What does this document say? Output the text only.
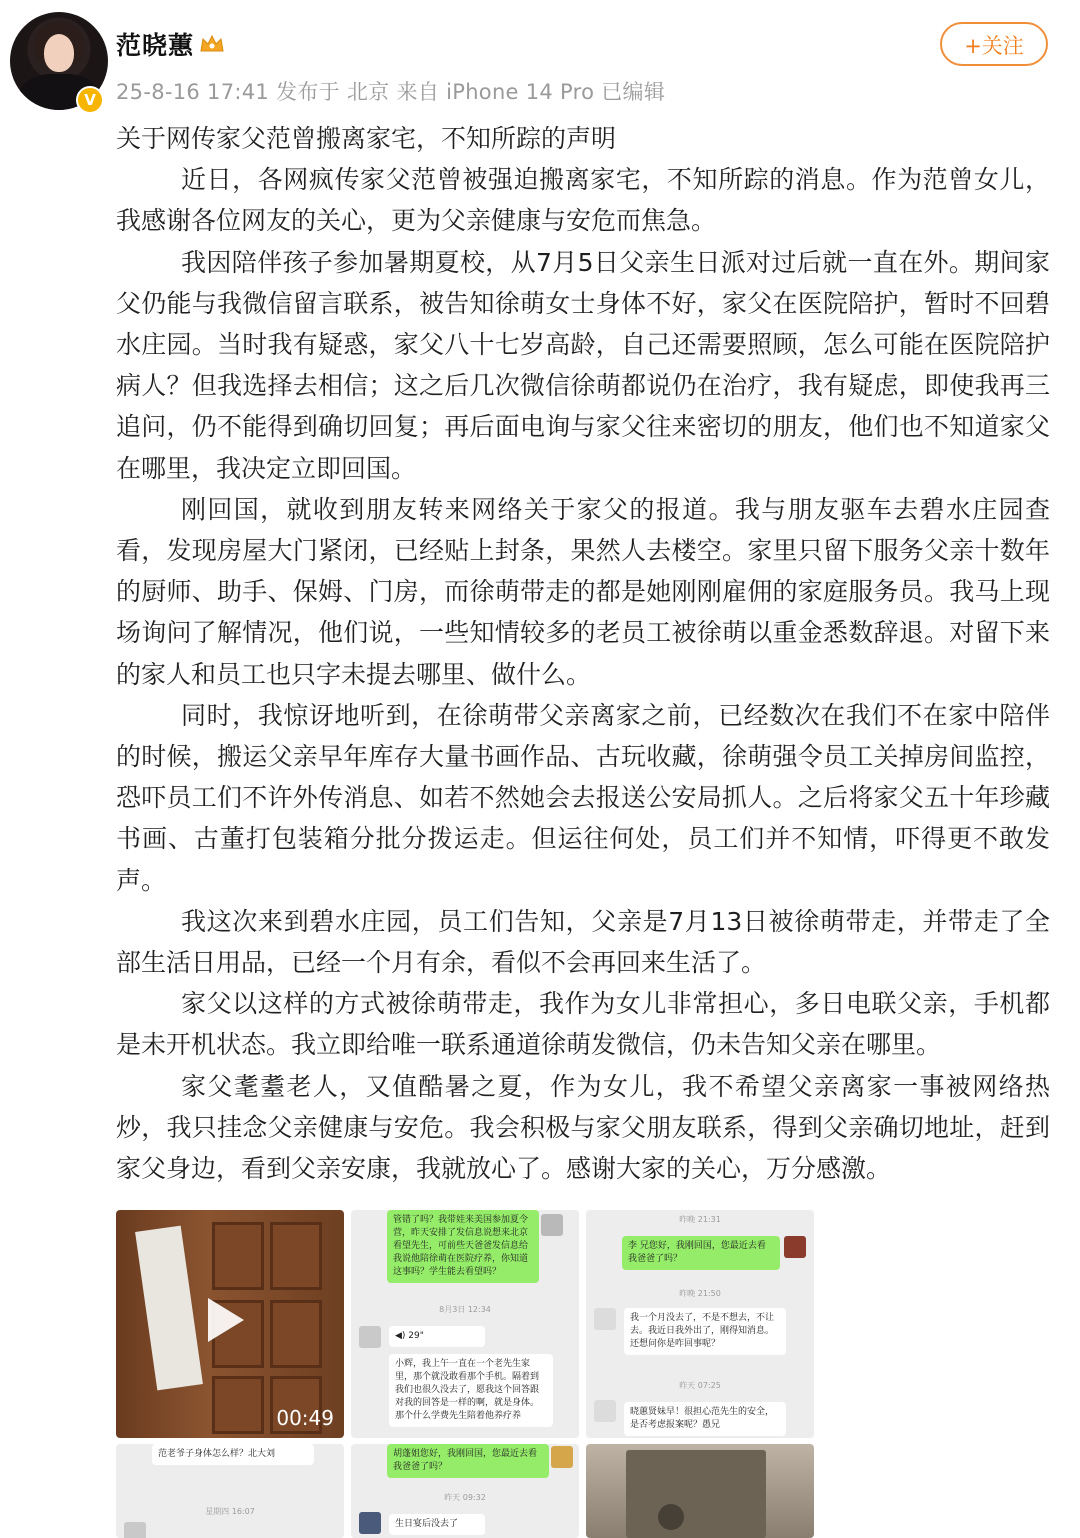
V
范晓蕙
25-8-16 17:41 发布于 北京 来自 iPhone 14 Pro 已编辑
+关注

关于网传家父范曾搬离家宅，不知所踪的声明

近日，各网疯传家父范曾被强迫搬离家宅，不知所踪的消息。作为范曾女儿，我感谢各位网友的关心，更为父亲健康与安危而焦急。

我因陪伴孩子参加暑期夏校，从7月5日父亲生日派对过后就一直在外。期间家父仍能与我微信留言联系，被告知徐萌女士身体不好，家父在医院陪护，暂时不回碧水庄园。当时我有疑惑，家父八十七岁高龄，自己还需要照顾，怎么可能在医院陪护病人？但我选择去相信；这之后几次微信徐萌都说仍在治疗，我有疑虑，即使我再三追问，仍不能得到确切回复；再后面电询与家父往来密切的朋友，他们也不知道家父在哪里，我决定立即回国。

刚回国，就收到朋友转来网络关于家父的报道。我与朋友驱车去碧水庄园查看，发现房屋大门紧闭，已经贴上封条，果然人去楼空。家里只留下服务父亲十数年的厨师、助手、保姆、门房，而徐萌带走的都是她刚刚雇佣的家庭服务员。我马上现场询问了解情况，他们说，一些知情较多的老员工被徐萌以重金悉数辞退。对留下来的家人和员工也只字未提去哪里、做什么。

同时，我惊讶地听到，在徐萌带父亲离家之前，已经数次在我们不在家中陪伴的时候，搬运父亲早年库存大量书画作品、古玩收藏，徐萌强令员工关掉房间监控，恐吓员工们不许外传消息、如若不然她会去报送公安局抓人。之后将家父五十年珍藏书画、古董打包装箱分批分拨运走。但运往何处，员工们并不知情，吓得更不敢发声。

我这次来到碧水庄园，员工们告知，父亲是7月13日被徐萌带走，并带走了全部生活日用品，已经一个月有余，看似不会再回来生活了。

家父以这样的方式被徐萌带走，我作为女儿非常担心，多日电联父亲，手机都是未开机状态。我立即给唯一联系通道徐萌发微信，仍未告知父亲在哪里。

家父耄耋老人，又值酷暑之夏，作为女儿，我不希望父亲离家一事被网络热炒，我只挂念父亲健康与安危。我会积极与家父朋友联系，得到父亲确切地址，赶到家父身边，看到父亲安康，我就放心了。感谢大家的关心，万分感激。

00:49
管错了吗？我带娃来美国参加夏令营，昨天安排了发信息说想来北京看望先生，可前些天爸爸发信息给我说他陪徐萌在医院疗养，你知道这事吗？学生能去看望吗？
8月3日 12:34
◀) 29"
小辉，我上午一直在一个老先生家里，那个就没敢看那个手机。隔着到我们也很久没去了，愿我这个回答跟对我的回答是一样的啊，就是身体。那个什么学费先生陪着他养疗养
昨晚 21:31
李 兄您好，我刚回国，您最近去看我爸爸了吗？
昨晚 21:50
我一个月没去了，不是不想去，不让去。我近日我外出了，刚得知消息。还想问你是咋回事呢？
昨天 07:25
晓蕙贤妹早！很担心范先生的安全，是否考虑报案呢？愚兄
范老爷子身体怎么样？北大刘
星期四 16:07
胡蓬姐您好，我刚回国，您最近去看我爸爸了吗？
昨天 09:32
生日宴后没去了
